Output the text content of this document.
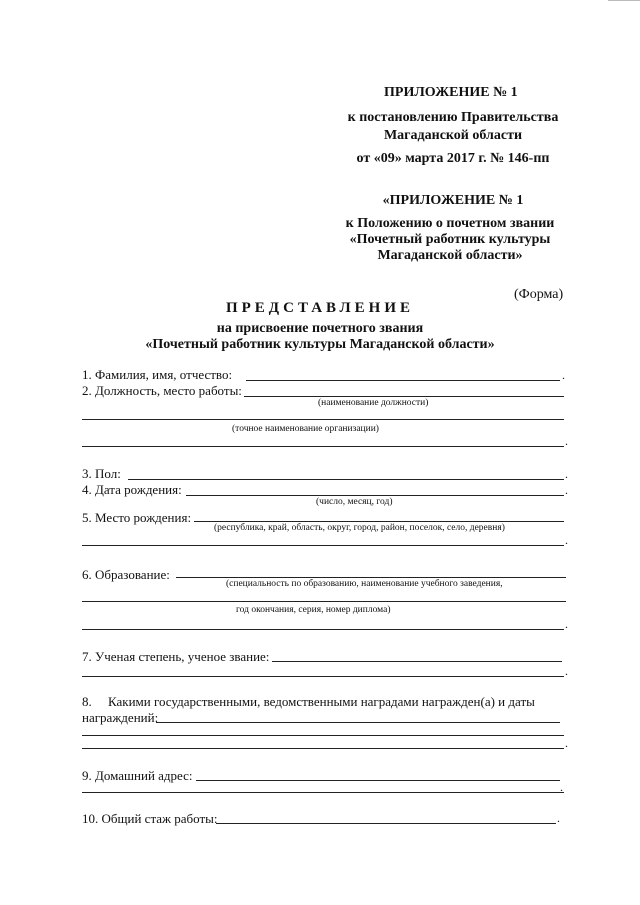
ПРИЛОЖЕНИЕ № 1
к постановлению Правительства
Магаданской области
от «09» марта 2017 г. № 146-пп
«ПРИЛОЖЕНИЕ № 1
к Положению о почетном звании
«Почетный работник культуры
Магаданской области»
(Форма)
ПРЕДСТАВЛЕНИЕ
на присвоение почетного звания
«Почетный работник культуры Магаданской области»
1. Фамилия, имя, отчество:	.
2. Должность, место работы:
(наименование должности)
(точное наименование организации)
.
3. Пол:	.
4. Дата рождения:	.
(число, месяц, год)
5. Место рождения:
(республика, край, область, округ, город, район, поселок, село, деревня)
.
6. Образование:
(специальность по образованию, наименование учебного заведения,
год окончания, серия, номер диплома)
.
7. Ученая степень, ученое звание:
.
8. Какими государственными, ведомственными наградами награжден(а) и даты
награждений:
.
9. Домашний адрес:
.
10. Общий стаж работы:	.
